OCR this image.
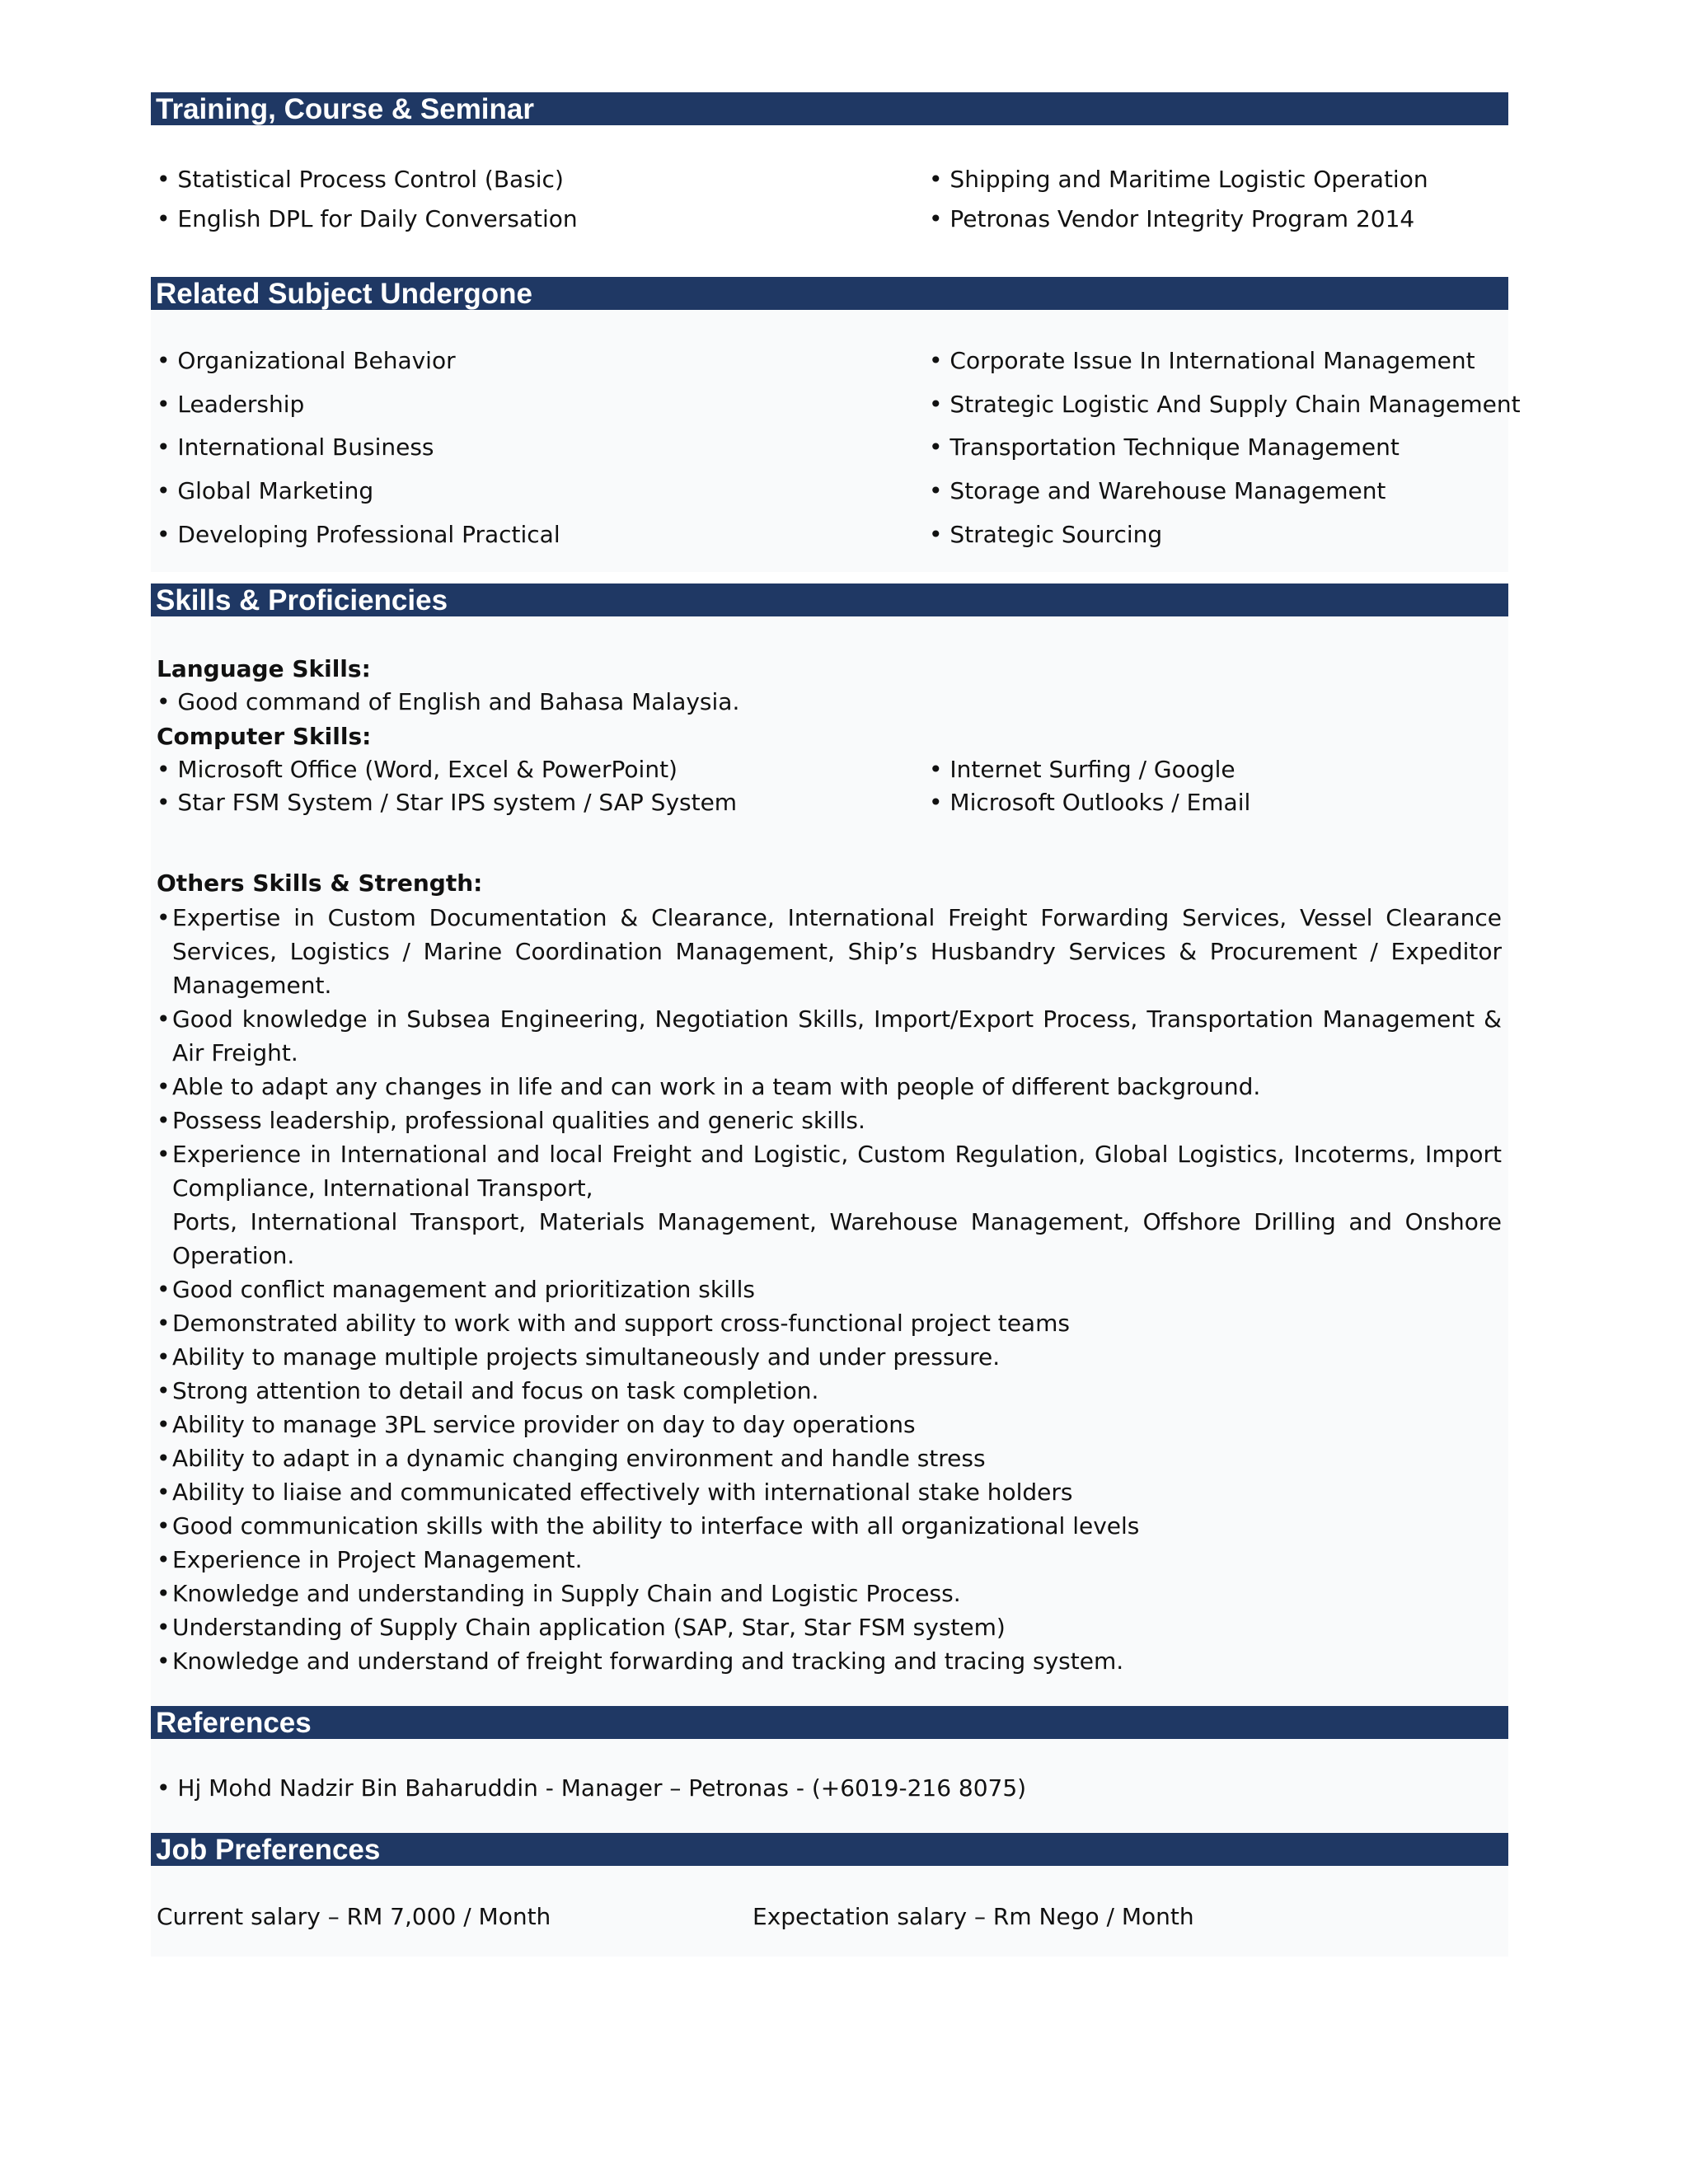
Training, Course & Seminar
• Statistical Process Control (Basic)
• English DPL for Daily Conversation
• Shipping and Maritime Logistic Operation
• Petronas Vendor Integrity Program 2014
Related Subject Undergone
• Organizational Behavior
• Leadership
• International Business
• Global Marketing
• Developing Professional Practical
• Corporate Issue In International Management
• Strategic Logistic And Supply Chain Management
• Transportation Technique Management
• Storage and Warehouse Management
• Strategic Sourcing
Skills & Proficiencies
Language Skills:
• Good command of English and Bahasa Malaysia.
Computer Skills:
• Microsoft Office (Word, Excel & PowerPoint)
• Star FSM System / Star IPS system / SAP System
• Internet Surfing / Google
• Microsoft Outlooks / Email
Others Skills & Strength:
• Expertise in Custom Documentation & Clearance, International Freight Forwarding Services, Vessel Clearance Services, Logistics / Marine Coordination Management, Ship’s Husbandry Services & Procurement / Expeditor Management.
• Good knowledge in Subsea Engineering, Negotiation Skills, Import/Export Process, Transportation Management & Air Freight.
• Able to adapt any changes in life and can work in a team with people of different background.
• Possess leadership, professional qualities and generic skills.
• Experience in International and local Freight and Logistic, Custom Regulation, Global Logistics, Incoterms, Import Compliance, International Transport,
Ports, International Transport, Materials Management, Warehouse Management, Offshore Drilling and Onshore Operation.
• Good conflict management and prioritization skills
• Demonstrated ability to work with and support cross-functional project teams
• Ability to manage multiple projects simultaneously and under pressure.
• Strong attention to detail and focus on task completion.
• Ability to manage 3PL service provider on day to day operations
• Ability to adapt in a dynamic changing environment and handle stress
• Ability to liaise and communicated effectively with international stake holders
• Good communication skills with the ability to interface with all organizational levels
• Experience in Project Management.
• Knowledge and understanding in Supply Chain and Logistic Process.
• Understanding of Supply Chain application (SAP, Star, Star FSM system)
• Knowledge and understand of freight forwarding and tracking and tracing system.
References
• Hj Mohd Nadzir Bin Baharuddin - Manager – Petronas - (+6019-216 8075)
Job Preferences
Current salary – RM 7,000 / Month	Expectation salary – Rm Nego / Month
